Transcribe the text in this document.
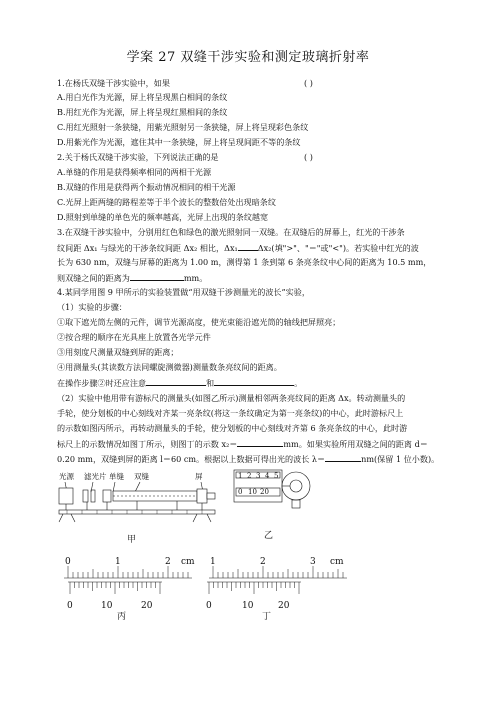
学案 27 双缝干涉实验和测定玻璃折射率
1.在杨氏双缝干涉实验中，如果	( )
A.用白光作为光源，屏上将呈现黑白相间的条纹
B.用红光作为光源，屏上将呈现红黑相间的条纹
C.用红光照射一条狭缝，用紫光照射另一条狭缝，屏上将呈现彩色条纹
D.用紫光作为光源，遮住其中一条狭缝，屏上将呈现间距不等的条纹
2.关于杨氏双缝干涉实验，下列说法正确的是	( )
A.单缝的作用是获得频率相同的两相干光源
B.双缝的作用是获得两个振动情况相同的相干光源
C.光屏上距两缝的路程差等于半个波长的整数倍处出现暗条纹
D.照射到单缝的单色光的频率越高，光屏上出现的条纹越宽
3.在双缝干涉实验中，分别用红色和绿色的激光照射同一双缝。在双缝后的屏幕上，红光的干涉条
纹间距 Δx₁ 与绿光的干涉条纹间距 Δx₂ 相比，Δx₁ Δx₂(填">"、"＝"或"<")。若实验中红光的波
长为 630 nm，双缝与屏幕的距离为 1.00 m，测得第 1 条到第 6 条亮条纹中心间的距离为 10.5 mm，
则双缝之间的距离为	mm。
4.某同学用图 9 甲所示的实验装置做“用双缝干涉测量光的波长”实验，
（1）实验的步骤：
①取下遮光筒左侧的元件，调节光源高度，使光束能沿遮光筒的轴线把屏照亮；
②按合理的顺序在光具座上放置各光学元件
③用刻度尺测量双缝到屏的距离；
④用测量头(其读数方法同螺旋测微器)测量数条亮纹间的距离。
在操作步骤②时还应注意	和	。
（2）实验中他用带有游标尺的测量头(如图乙所示)测量相邻两条亮纹间的距离 Δx。转动测量头的
手轮，使分划板的中心刻线对齐某一亮条纹(将这一条纹确定为第一亮条纹)的中心，此时游标尺上
的示数如图丙所示，再转动测量头的手轮，使分划板的中心刻线对齐第 6 条亮条纹的中心，此时游
标尺上的示数情况如图丁所示，则图丁的示数 x₂＝	mm。如果实验所用双缝之间的距离 d＝
0.20 mm，双缝到屏的距离 l＝60 cm。根据以上数据可得出光的波长 λ＝	nm(保留 1 位小数)。
光源 滤光片 单缝 双缝	屏
甲
1 2 3 4 5
0 10 20
乙
0	1	2 cm
0	10	20
丙
1	2	3 cm
0	10	20
丁
